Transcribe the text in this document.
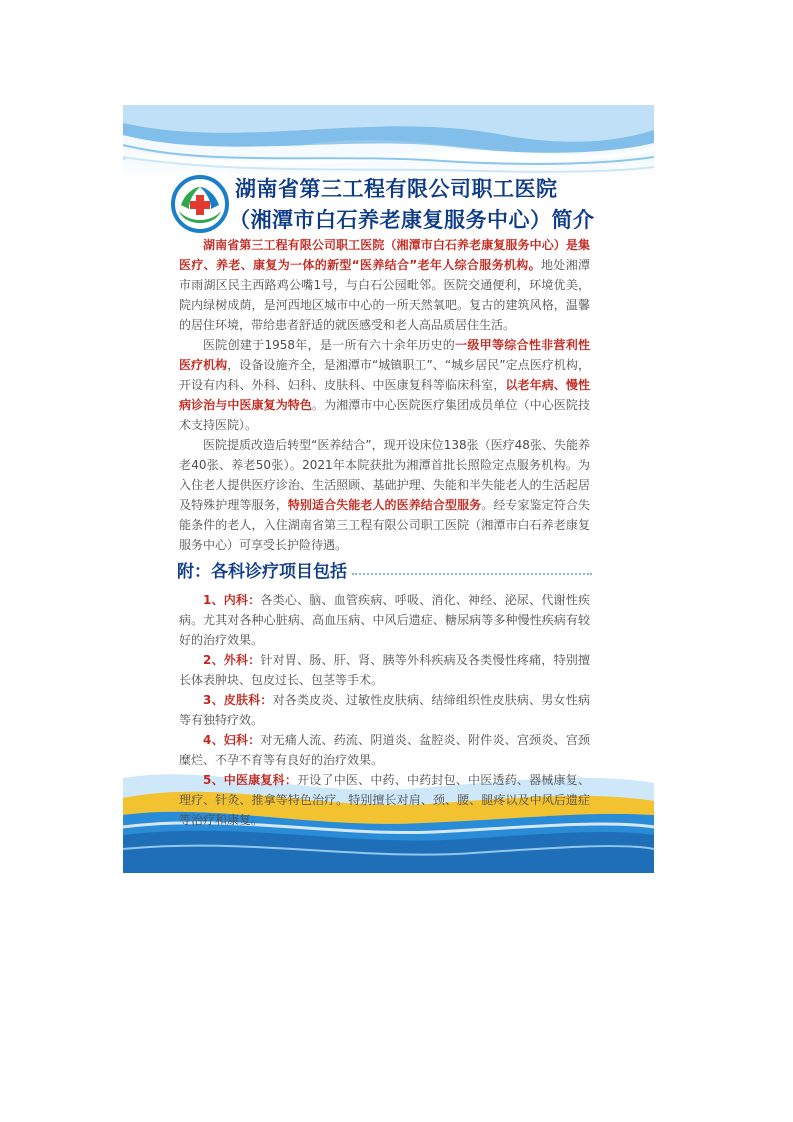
湖南省第三工程有限公司职工医院
（湘潭市白石养老康复服务中心）简介

湖南省第三工程有限公司职工医院（湘潭市白石养老康复服务中心）是集医疗、养老、康复为一体的新型“医养结合”老年人综合服务机构。地处湘潭市雨湖区民主西路鸡公嘴1号，与白石公园毗邻。医院交通便利，环境优美，院内绿树成荫，是河西地区城市中心的一所天然氧吧。复古的建筑风格，温馨的居住环境，带给患者舒适的就医感受和老人高品质居住生活。

医院创建于1958年，是一所有六十余年历史的一级甲等综合性非营利性医疗机构，设备设施齐全，是湘潭市“城镇职工”、“城乡居民”定点医疗机构，开设有内科、外科、妇科、皮肤科、中医康复科等临床科室，以老年病、慢性病诊治与中医康复为特色。为湘潭市中心医院医疗集团成员单位（中心医院技术支持医院）。

医院提质改造后转型“医养结合”，现开设床位138张（医疗48张、失能养老40张、养老50张）。2021年本院获批为湘潭首批长照险定点服务机构。为入住老人提供医疗诊治、生活照顾、基础护理、失能和半失能老人的生活起居及特殊护理等服务，特别适合失能老人的医养结合型服务。经专家鉴定符合失能条件的老人，入住湖南省第三工程有限公司职工医院（湘潭市白石养老康复服务中心）可享受长护险待遇。

附：各科诊疗项目包括

1、内科：各类心、脑、血管疾病、呼吸、消化、神经、泌尿、代谢性疾病。尤其对各种心脏病、高血压病、中风后遗症、糖尿病等多种慢性疾病有较好的治疗效果。

2、外科：针对胃、肠、肝、肾、胰等外科疾病及各类慢性疼痛，特别擅长体表肿块、包皮过长、包茎等手术。

3、皮肤科：对各类皮炎、过敏性皮肤病、结缔组织性皮肤病、男女性病等有独特疗效。

4、妇科：对无痛人流、药流、阴道炎、盆腔炎、附件炎、宫颈炎、宫颈糜烂、不孕不育等有良好的治疗效果。

5、中医康复科：开设了中医、中药、中药封包、中医透药、器械康复、理疗、针灸、推拿等特色治疗。特别擅长对肩、颈、腰、腿疼以及中风后遗症等治疗和康复。
